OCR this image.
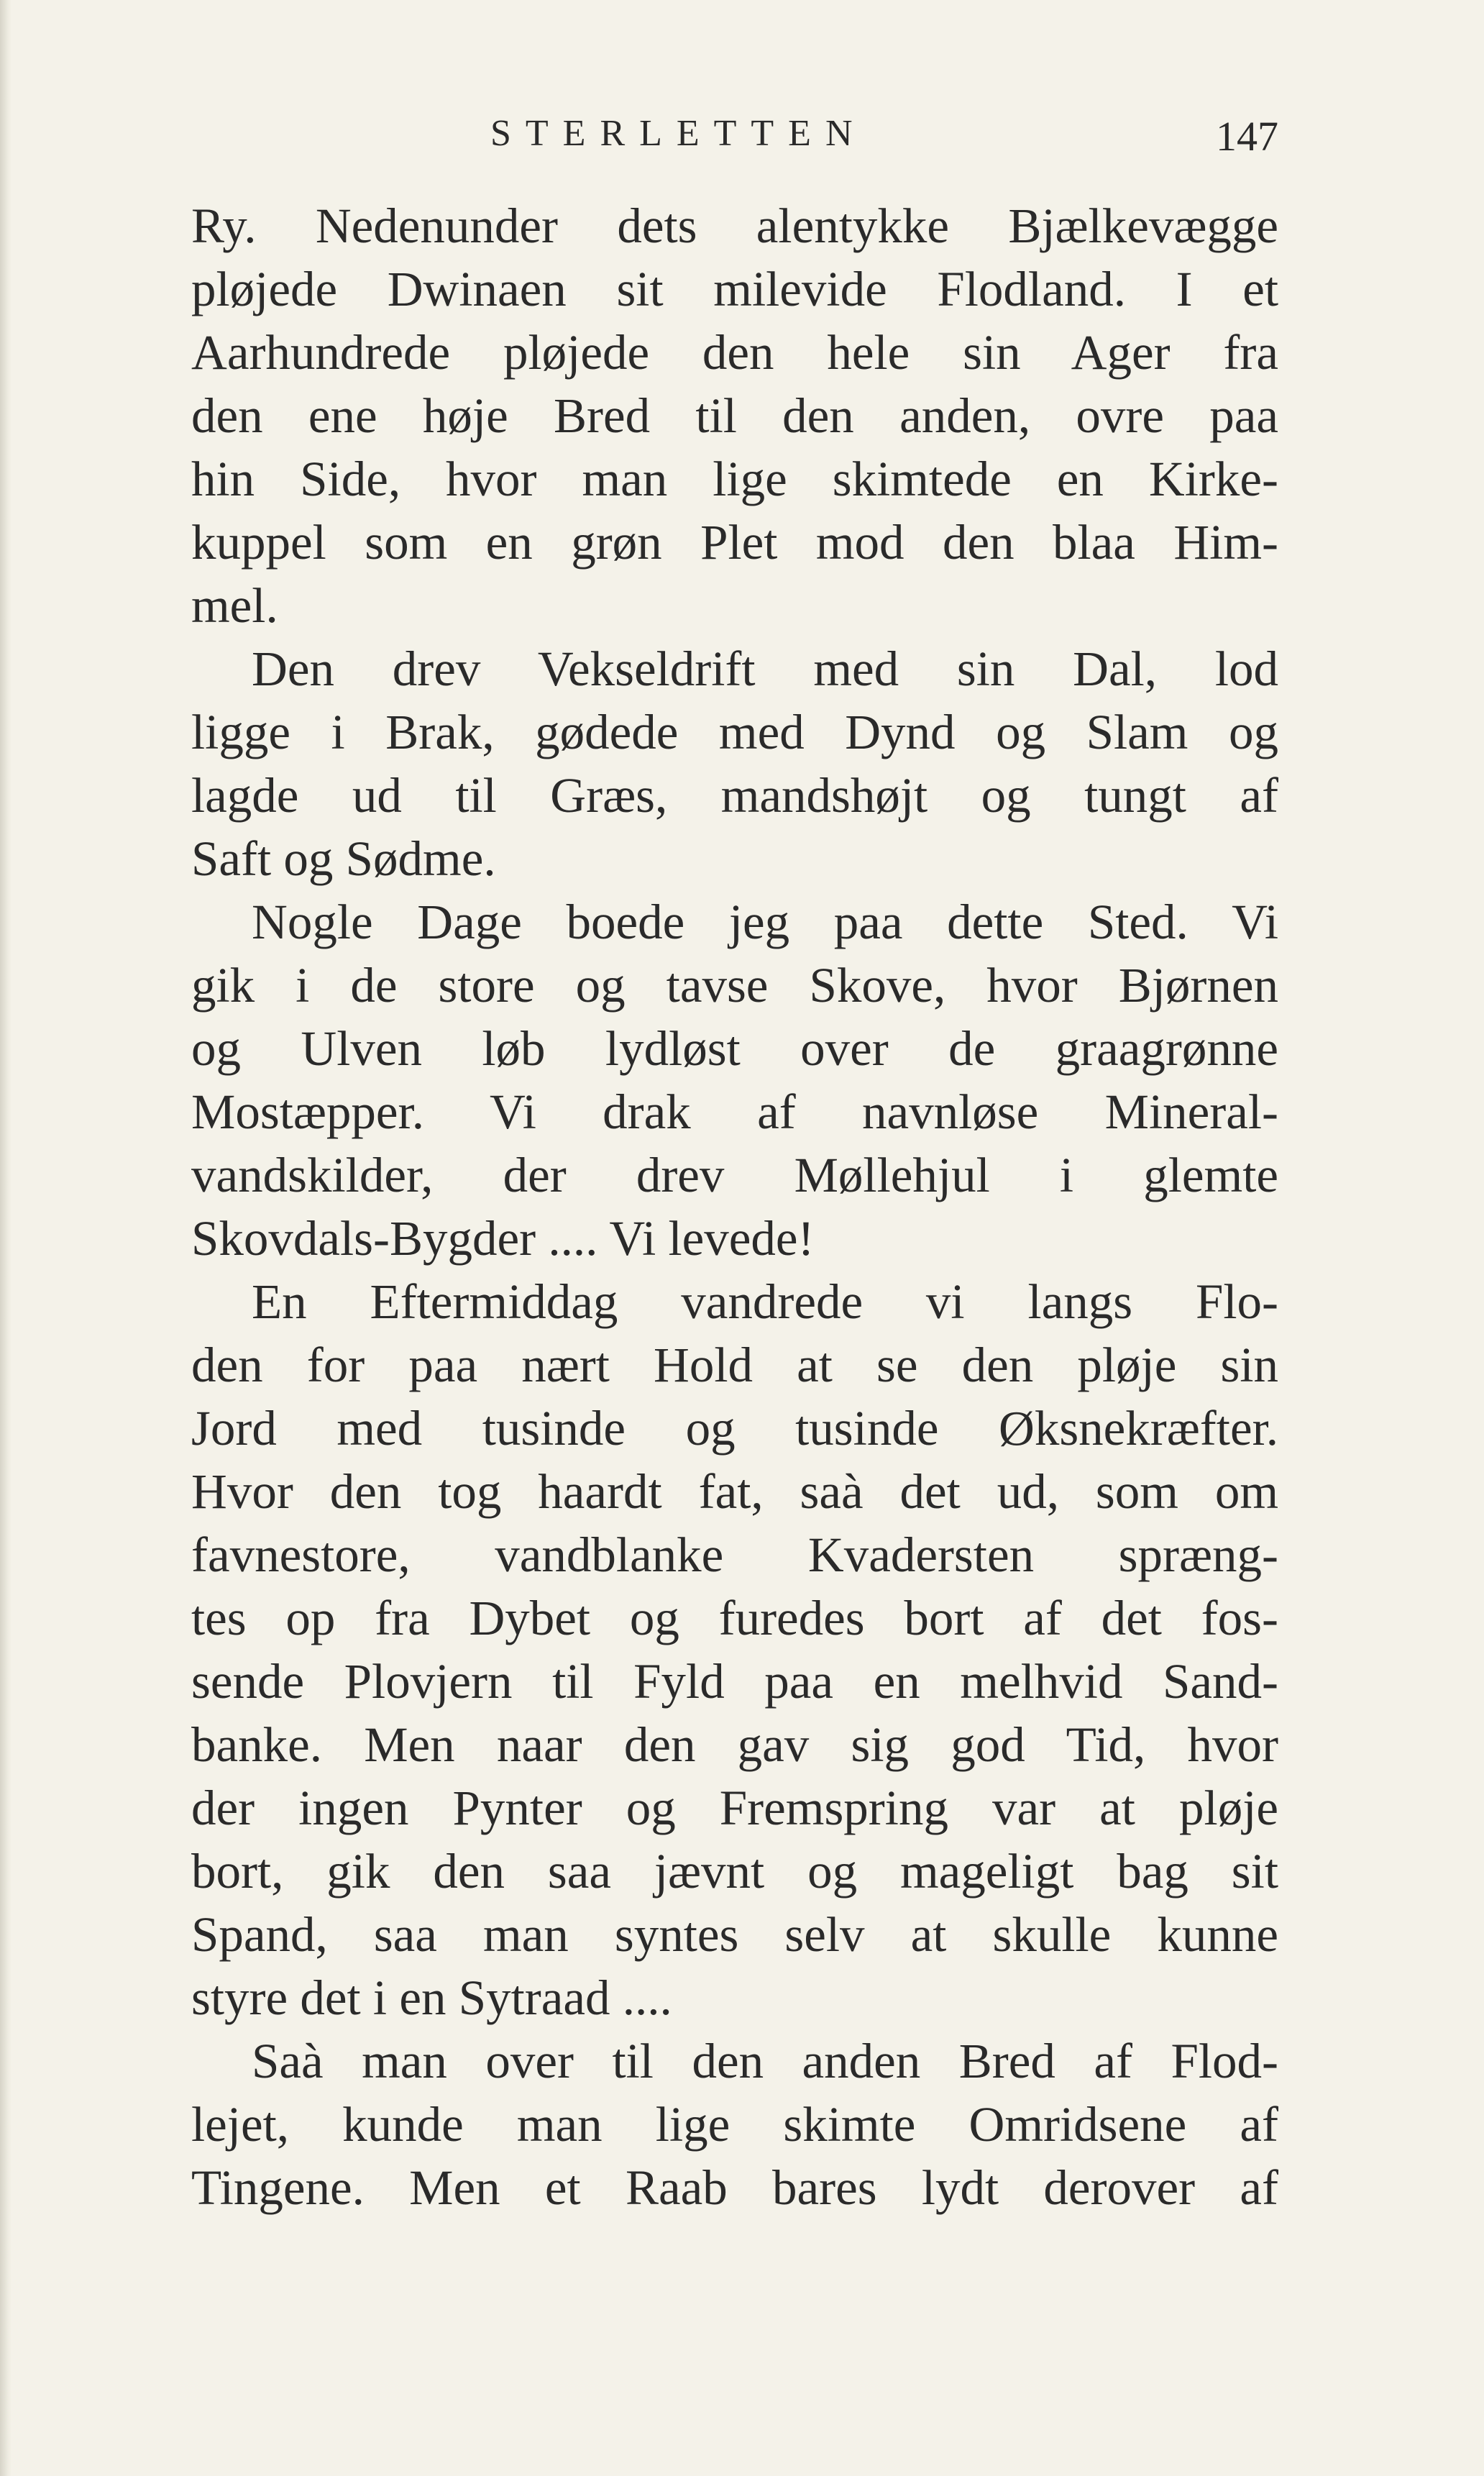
STERLETTEN	147
Ry. Nedenunder dets alentykke Bjælkevægge
pløjede Dwinaen sit milevide Flodland. I et
Aarhundrede pløjede den hele sin Ager fra
den ene høje Bred til den anden, ovre paa
hin Side, hvor man lige skimtede en Kirke-
kuppel som en grøn Plet mod den blaa Him-
mel.
Den drev Vekseldrift med sin Dal, lod
ligge i Brak, gødede med Dynd og Slam og
lagde ud til Græs, mandshøjt og tungt af
Saft og Sødme.
Nogle Dage boede jeg paa dette Sted. Vi
gik i de store og tavse Skove, hvor Bjørnen
og Ulven løb lydløst over de graagrønne
Mostæpper. Vi drak af navnløse Mineral-
vandskilder, der drev Møllehjul i glemte
Skovdals-Bygder .... Vi levede!
En Eftermiddag vandrede vi langs Flo-
den for paa nært Hold at se den pløje sin
Jord med tusinde og tusinde Øksnekræfter.
Hvor den tog haardt fat, saà det ud, som om
favnestore, vandblanke Kvadersten spræng-
tes op fra Dybet og furedes bort af det fos-
sende Plovjern til Fyld paa en melhvid Sand-
banke. Men naar den gav sig god Tid, hvor
der ingen Pynter og Fremspring var at pløje
bort, gik den saa jævnt og mageligt bag sit
Spand, saa man syntes selv at skulle kunne
styre det i en Sytraad ....
Saà man over til den anden Bred af Flod-
lejet, kunde man lige skimte Omridsene af
Tingene. Men et Raab bares lydt derover af
